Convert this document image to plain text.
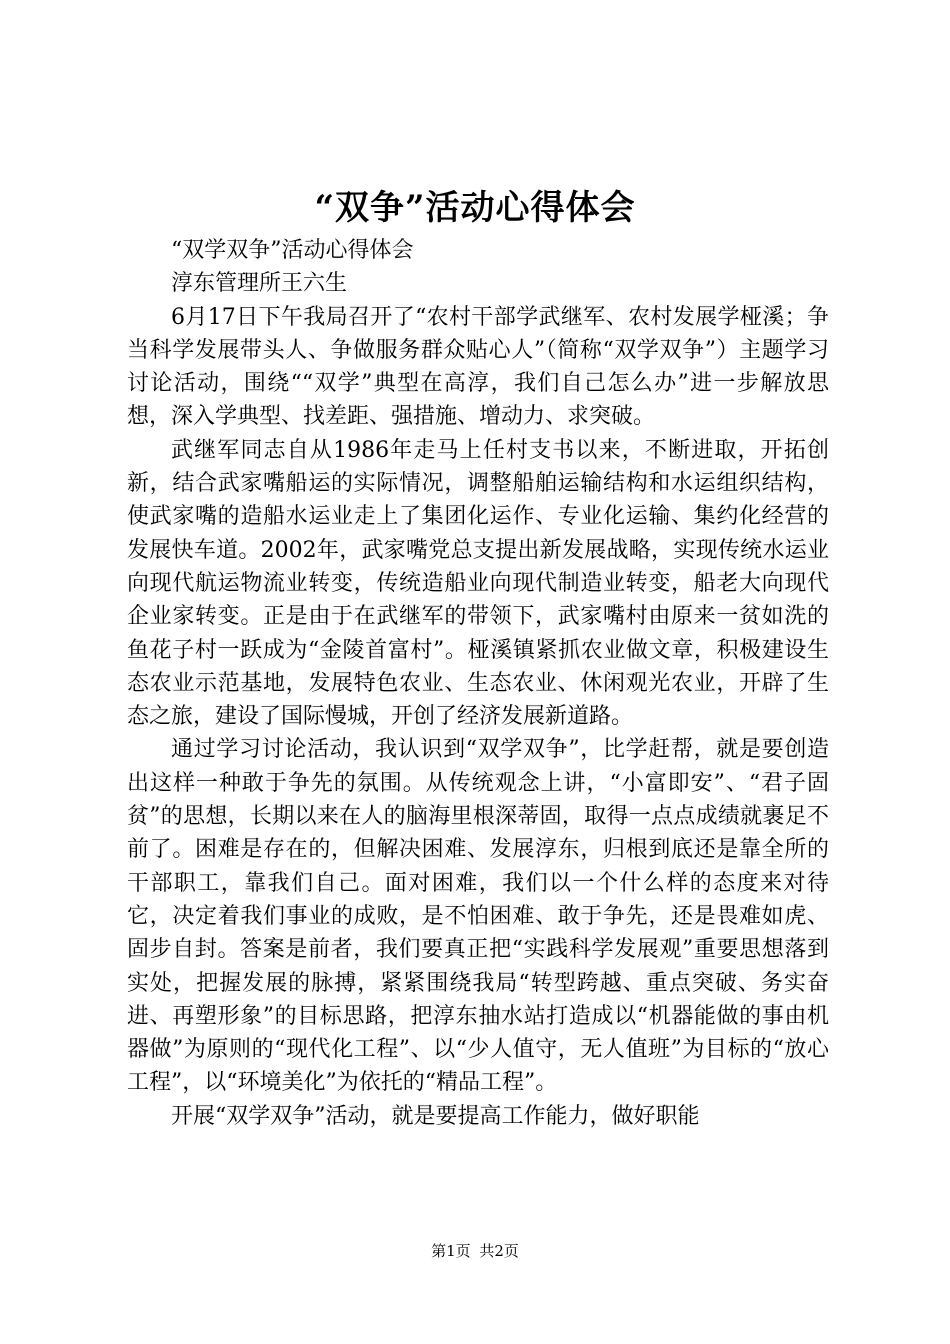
“双争”活动心得体会

“双学双争”活动心得体会

淳东管理所王六生

6月17日下午我局召开了“农村干部学武继军、农村发展学桠溪；争当科学发展带头人、争做服务群众贴心人”（简称“双学双争”）主题学习讨论活动，围绕““双学”典型在高淳，我们自己怎么办”进一步解放思想，深入学典型、找差距、强措施、增动力、求突破。

武继军同志自从1986年走马上任村支书以来，不断进取，开拓创新，结合武家嘴船运的实际情况，调整船舶运输结构和水运组织结构，使武家嘴的造船水运业走上了集团化运作、专业化运输、集约化经营的发展快车道。2002年，武家嘴党总支提出新发展战略，实现传统水运业向现代航运物流业转变，传统造船业向现代制造业转变，船老大向现代企业家转变。正是由于在武继军的带领下，武家嘴村由原来一贫如洗的鱼花子村一跃成为“金陵首富村”。桠溪镇紧抓农业做文章，积极建设生态农业示范基地，发展特色农业、生态农业、休闲观光农业，开辟了生态之旅，建设了国际慢城，开创了经济发展新道路。

通过学习讨论活动，我认识到“双学双争”，比学赶帮，就是要创造出这样一种敢于争先的氛围。从传统观念上讲，“小富即安”、“君子固贫”的思想，长期以来在人的脑海里根深蒂固，取得一点点成绩就裹足不前了。困难是存在的，但解决困难、发展淳东，归根到底还是靠全所的干部职工，靠我们自己。面对困难，我们以一个什么样的态度来对待它，决定着我们事业的成败，是不怕困难、敢于争先，还是畏难如虎、固步自封。答案是前者，我们要真正把“实践科学发展观”重要思想落到实处，把握发展的脉搏，紧紧围绕我局“转型跨越、重点突破、务实奋进、再塑形象”的目标思路，把淳东抽水站打造成以“机器能做的事由机器做”为原则的“现代化工程”、以“少人值守，无人值班”为目标的“放心工程”，以“环境美化”为依托的“精品工程”。

开展“双学双争”活动，就是要提高工作能力，做好职能

第1页 共2页
